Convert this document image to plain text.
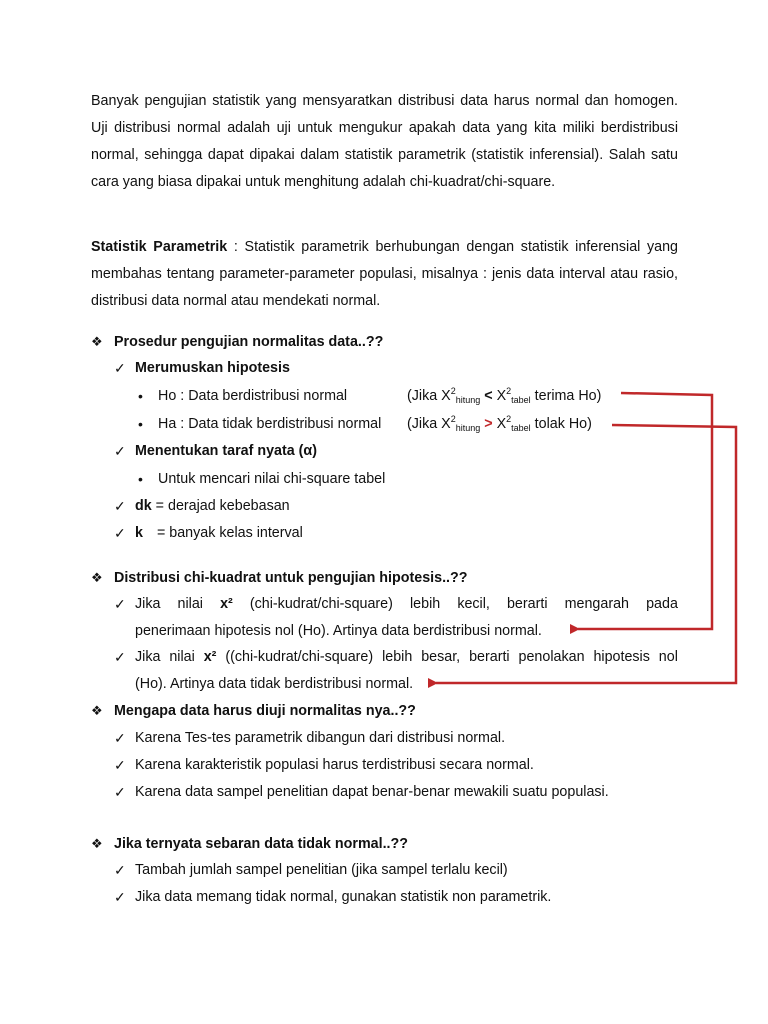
Banyak pengujian statistik yang mensyaratkan distribusi data harus normal dan homogen. Uji distribusi normal adalah uji untuk mengukur apakah data yang kita miliki berdistribusi normal, sehingga dapat dipakai dalam statistik parametrik (statistik inferensial). Salah satu cara yang biasa dipakai untuk menghitung adalah chi-kuadrat/chi-square.

Statistik Parametrik : Statistik parametrik berhubungan dengan statistik inferensial yang membahas tentang parameter-parameter populasi, misalnya : jenis data interval atau rasio, distribusi data normal atau mendekati normal.

❖ Prosedur pengujian normalitas data..??
✓ Merumuskan hipotesis
• Ho : Data berdistribusi normal	(Jika $X^2_{hitung} < X^2_{tabel}$ terima Ho)
• Ha : Data tidak berdistribusi normal (Jika $X^2_{hitung} > X^2_{tabel}$ tolak Ho)
✓ Menentukan taraf nyata (α)
• Untuk mencari nilai chi-square tabel
✓ dk = derajad kebebasan
✓ k = banyak kelas interval
❖ Distribusi chi-kuadrat untuk pengujian hipotesis..??
✓ Jika nilai x² (chi-kudrat/chi-square) lebih kecil, berarti mengarah pada
penerimaan hipotesis nol (Ho). Artinya data berdistribusi normal.
✓ Jika nilai x² ((chi-kudrat/chi-square) lebih besar, berarti penolakan hipotesis nol
(Ho). Artinya data tidak berdistribusi normal.
❖ Mengapa data harus diuji normalitas nya..??
✓ Karena Tes-tes parametrik dibangun dari distribusi normal.
✓ Karena karakteristik populasi harus terdistribusi secara normal.
✓ Karena data sampel penelitian dapat benar-benar mewakili suatu populasi.
❖ Jika ternyata sebaran data tidak normal..??
✓ Tambah jumlah sampel penelitian (jika sampel terlalu kecil)
✓ Jika data memang tidak normal, gunakan statistik non parametrik.
